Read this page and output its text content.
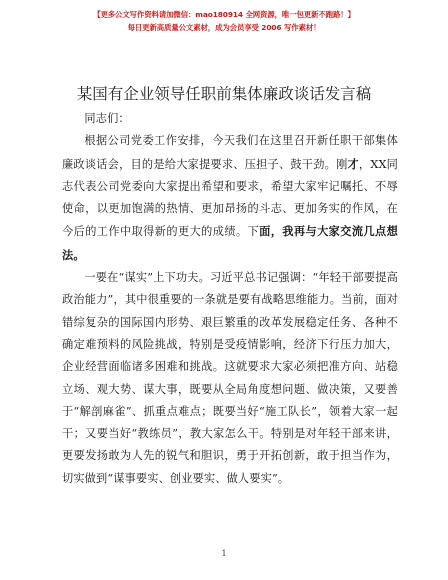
【更多公文写作资料请加微信：mao180914 全网资源，唯一包更新不跑路！】
每日更新高质量公文素材，成为会员享受 2006 写作素材！
某国有企业领导任职前集体廉政谈话发言稿

同志们：

根据公司党委工作安排，今天我们在这里召开新任职干部集体廉政谈话会，目的是给大家提要求、压担子、鼓干劲。刚才，XX同志代表公司党委向大家提出希望和要求，希望大家牢记嘱托、不辱使命，以更加饱满的热情、更加昂扬的斗志、更加务实的作风，在今后的工作中取得新的更大的成绩。下面，我再与大家交流几点想法。

一要在“谋实”上下功夫。习近平总书记强调：“年轻干部要提高政治能力”，其中很重要的一条就是要有战略思维能力。当前，面对错综复杂的国际国内形势、艰巨繁重的改革发展稳定任务、各种不确定难预料的风险挑战，特别是受疫情影响，经济下行压力加大，企业经营面临诸多困难和挑战。这就要求大家必须把准方向、站稳立场、观大势、谋大事，既要从全局角度想问题、做决策，又要善于“解剖麻雀”、抓重点难点；既要当好“施工队长”，领着大家一起干；又要当好“教练员”，教大家怎么干。特别是对年轻干部来讲，更要发扬敢为人先的锐气和胆识，勇于开拓创新，敢于担当作为，切实做到“谋事要实、创业要实、做人要实”。

1
